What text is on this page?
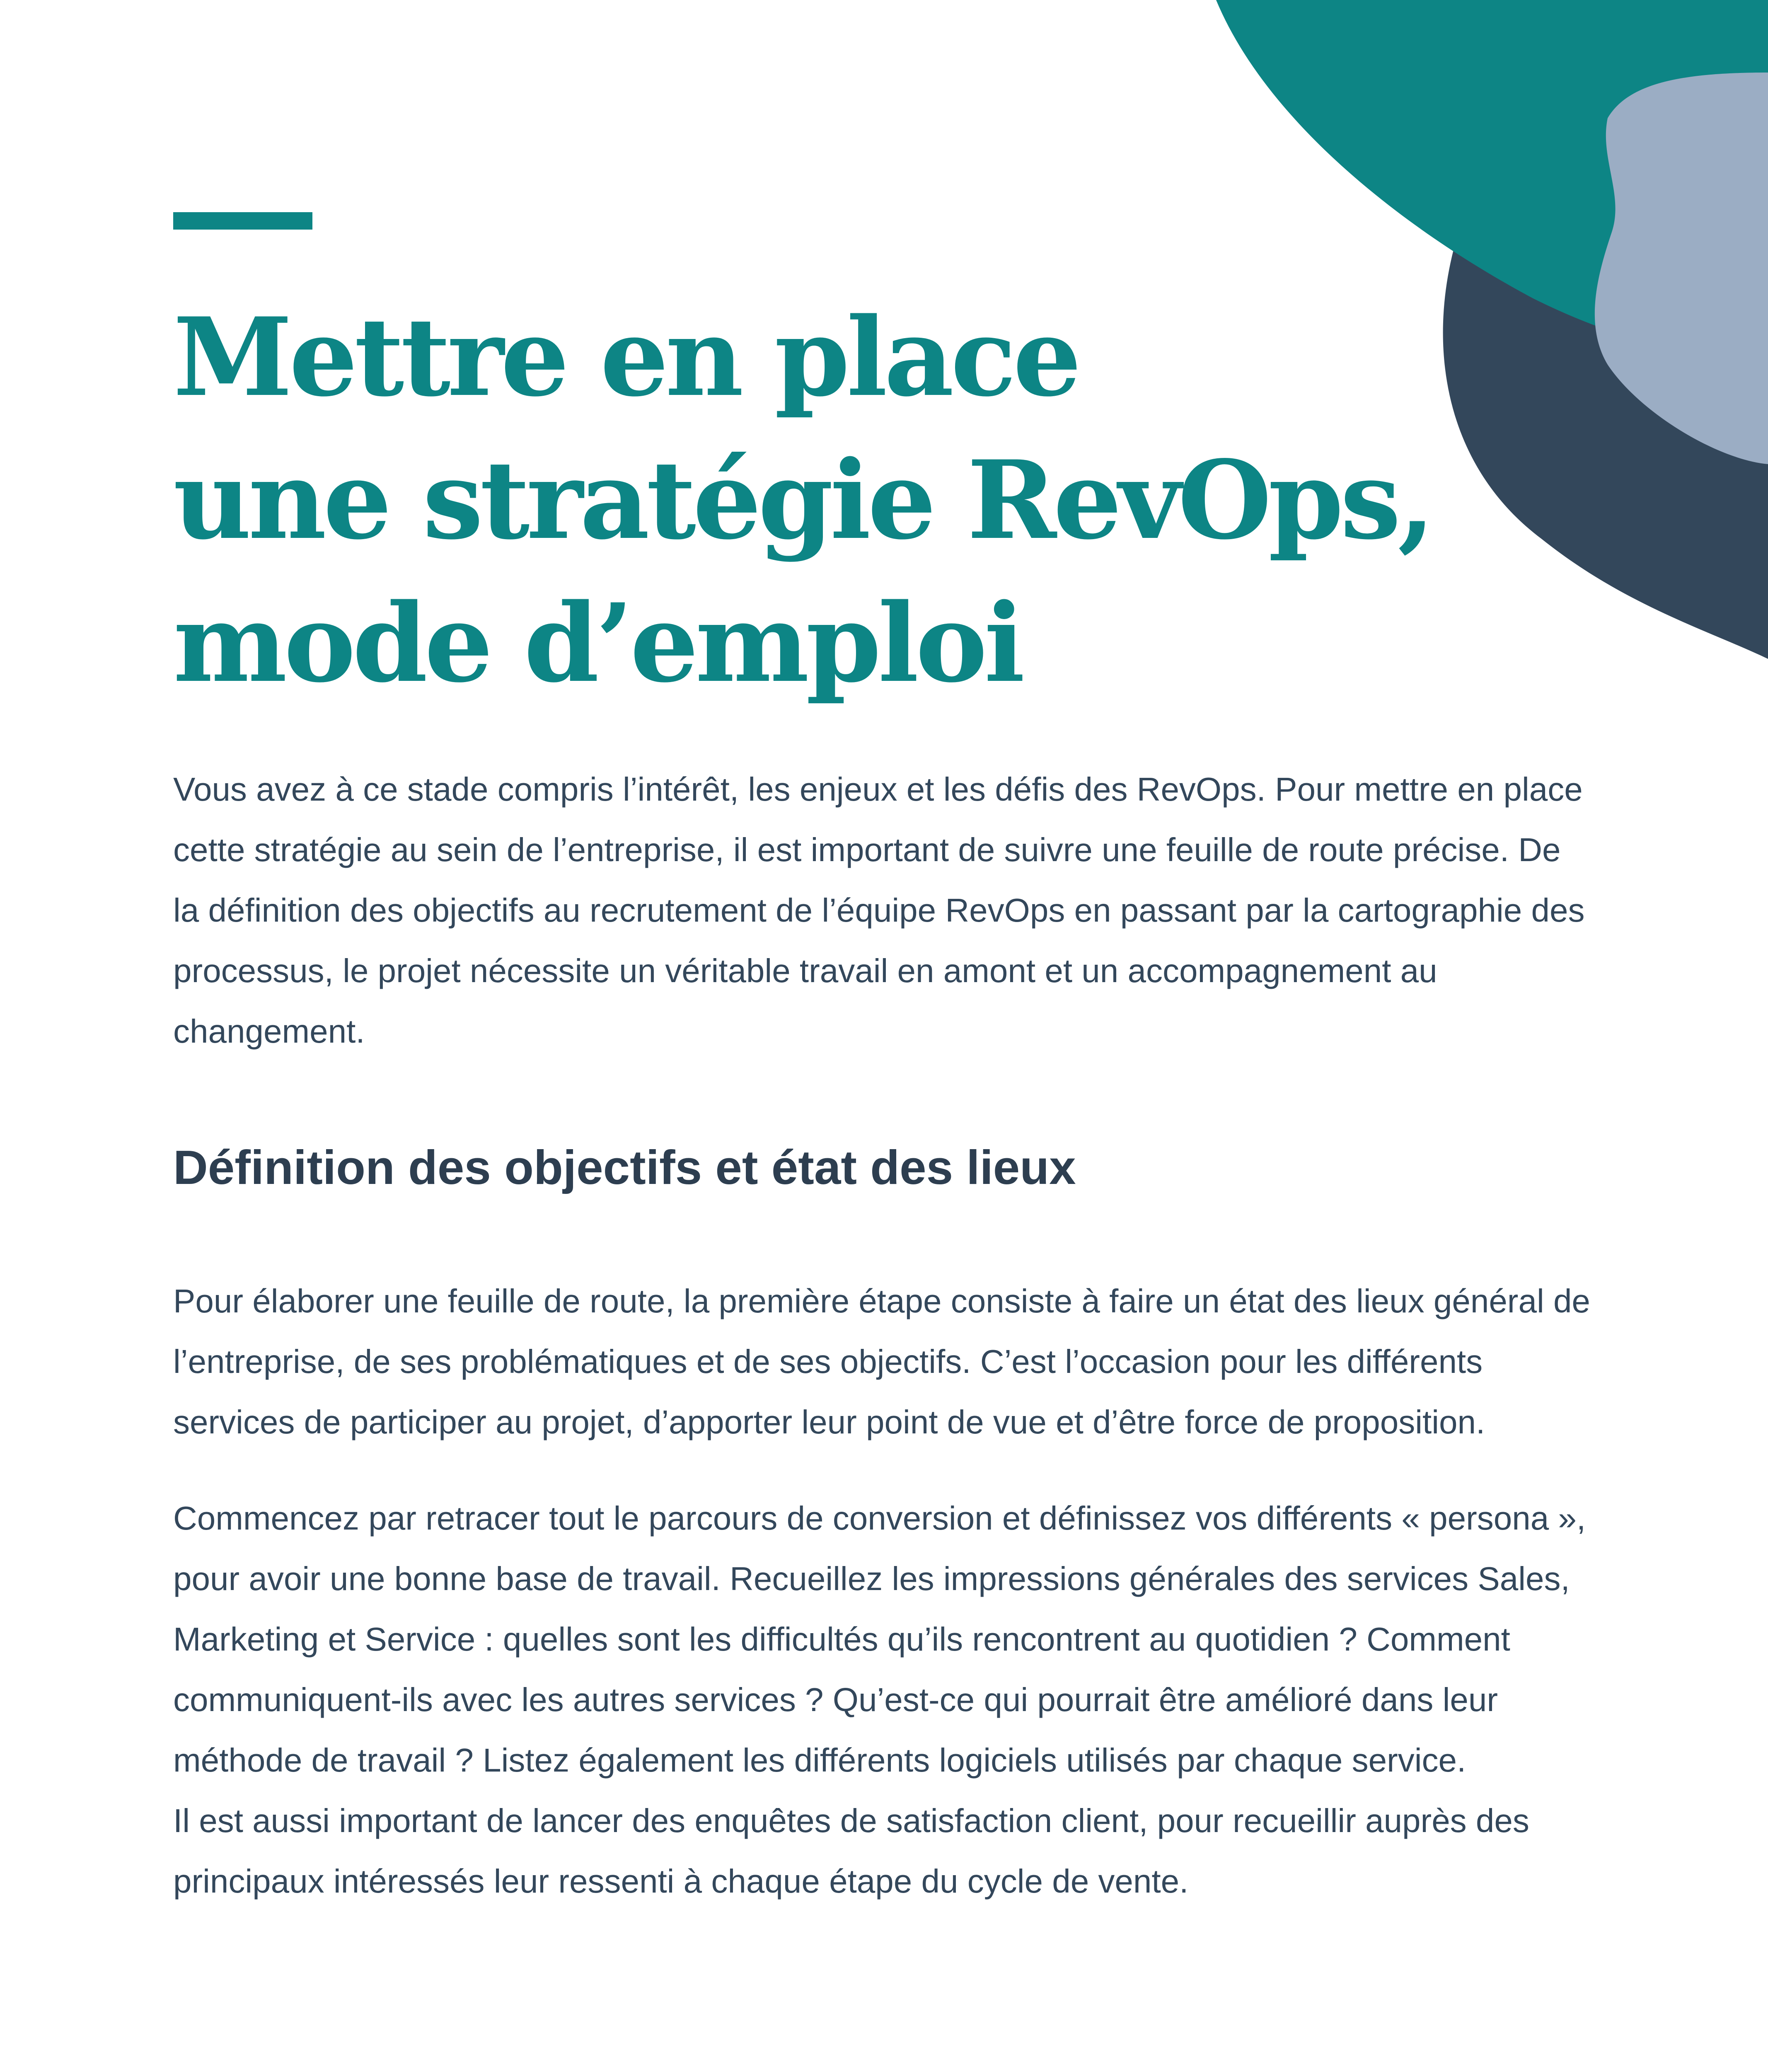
Mettre en place
une stratégie RevOps,
mode d’emploi

Vous avez à ce stade compris l’intérêt, les enjeux et les défis des RevOps. Pour mettre en place cette stratégie au sein de l’entreprise, il est important de suivre une feuille de route précise. De la définition des objectifs au recrutement de l’équipe RevOps en passant par la cartographie des processus, le projet nécessite un véritable travail en amont et un accompagnement au changement.

Définition des objectifs et état des lieux

Pour élaborer une feuille de route, la première étape consiste à faire un état des lieux général de l’entreprise, de ses problématiques et de ses objectifs. C’est l’occasion pour les différents services de participer au projet, d’apporter leur point de vue et d’être force de proposition.

Commencez par retracer tout le parcours de conversion et définissez vos différents « persona », pour avoir une bonne base de travail. Recueillez les impressions générales des services Sales, Marketing et Service : quelles sont les difficultés qu’ils rencontrent au quotidien ? Comment communiquent-ils avec les autres services ? Qu’est-ce qui pourrait être amélioré dans leur méthode de travail ? Listez également les différents logiciels utilisés par chaque service.

Il est aussi important de lancer des enquêtes de satisfaction client, pour recueillir auprès des principaux intéressés leur ressenti à chaque étape du cycle de vente.
